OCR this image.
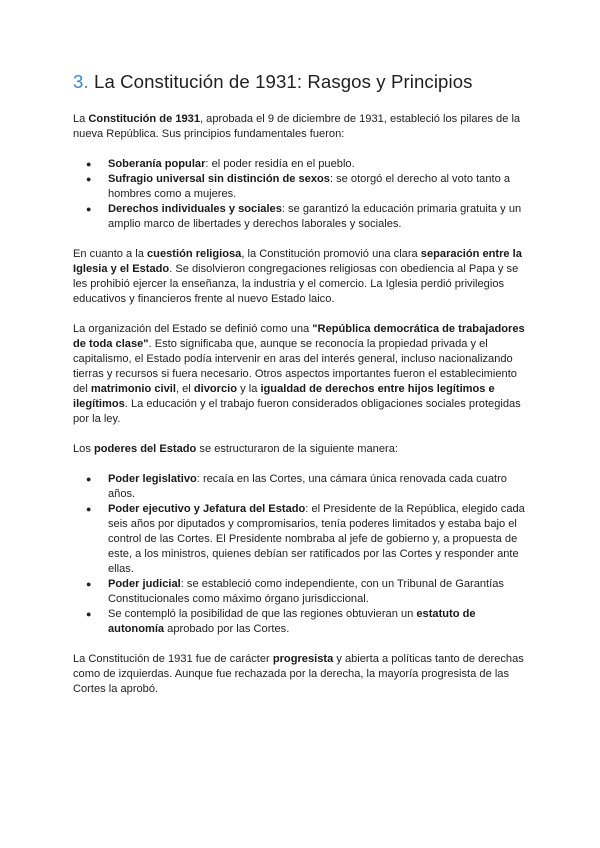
3. La Constitución de 1931: Rasgos y Principios

La Constitución de 1931, aprobada el 9 de diciembre de 1931, estableció los pilares de la nueva República. Sus principios fundamentales fueron:

● Soberanía popular: el poder residía en el pueblo.
● Sufragio universal sin distinción de sexos: se otorgó el derecho al voto tanto a hombres como a mujeres.
● Derechos individuales y sociales: se garantizó la educación primaria gratuita y un amplio marco de libertades y derechos laborales y sociales.

En cuanto a la cuestión religiosa, la Constitución promovió una clara separación entre la Iglesia y el Estado. Se disolvieron congregaciones religiosas con obediencia al Papa y se les prohibió ejercer la enseñanza, la industria y el comercio. La Iglesia perdió privilegios educativos y financieros frente al nuevo Estado laico.

La organización del Estado se definió como una "República democrática de trabajadores de toda clase". Esto significaba que, aunque se reconocía la propiedad privada y el capitalismo, el Estado podía intervenir en aras del interés general, incluso nacionalizando tierras y recursos si fuera necesario. Otros aspectos importantes fueron el establecimiento del matrimonio civil, el divorcio y la igualdad de derechos entre hijos legítimos e ilegítimos. La educación y el trabajo fueron considerados obligaciones sociales protegidas por la ley.

Los poderes del Estado se estructuraron de la siguiente manera:

● Poder legislativo: recaía en las Cortes, una cámara única renovada cada cuatro años.
● Poder ejecutivo y Jefatura del Estado: el Presidente de la República, elegido cada seis años por diputados y compromisarios, tenía poderes limitados y estaba bajo el control de las Cortes. El Presidente nombraba al jefe de gobierno y, a propuesta de este, a los ministros, quienes debían ser ratificados por las Cortes y responder ante ellas.
● Poder judicial: se estableció como independiente, con un Tribunal de Garantías Constitucionales como máximo órgano jurisdiccional.
● Se contempló la posibilidad de que las regiones obtuvieran un estatuto de autonomía aprobado por las Cortes.

La Constitución de 1931 fue de carácter progresista y abierta a políticas tanto de derechas como de izquierdas. Aunque fue rechazada por la derecha, la mayoría progresista de las Cortes la aprobó.
